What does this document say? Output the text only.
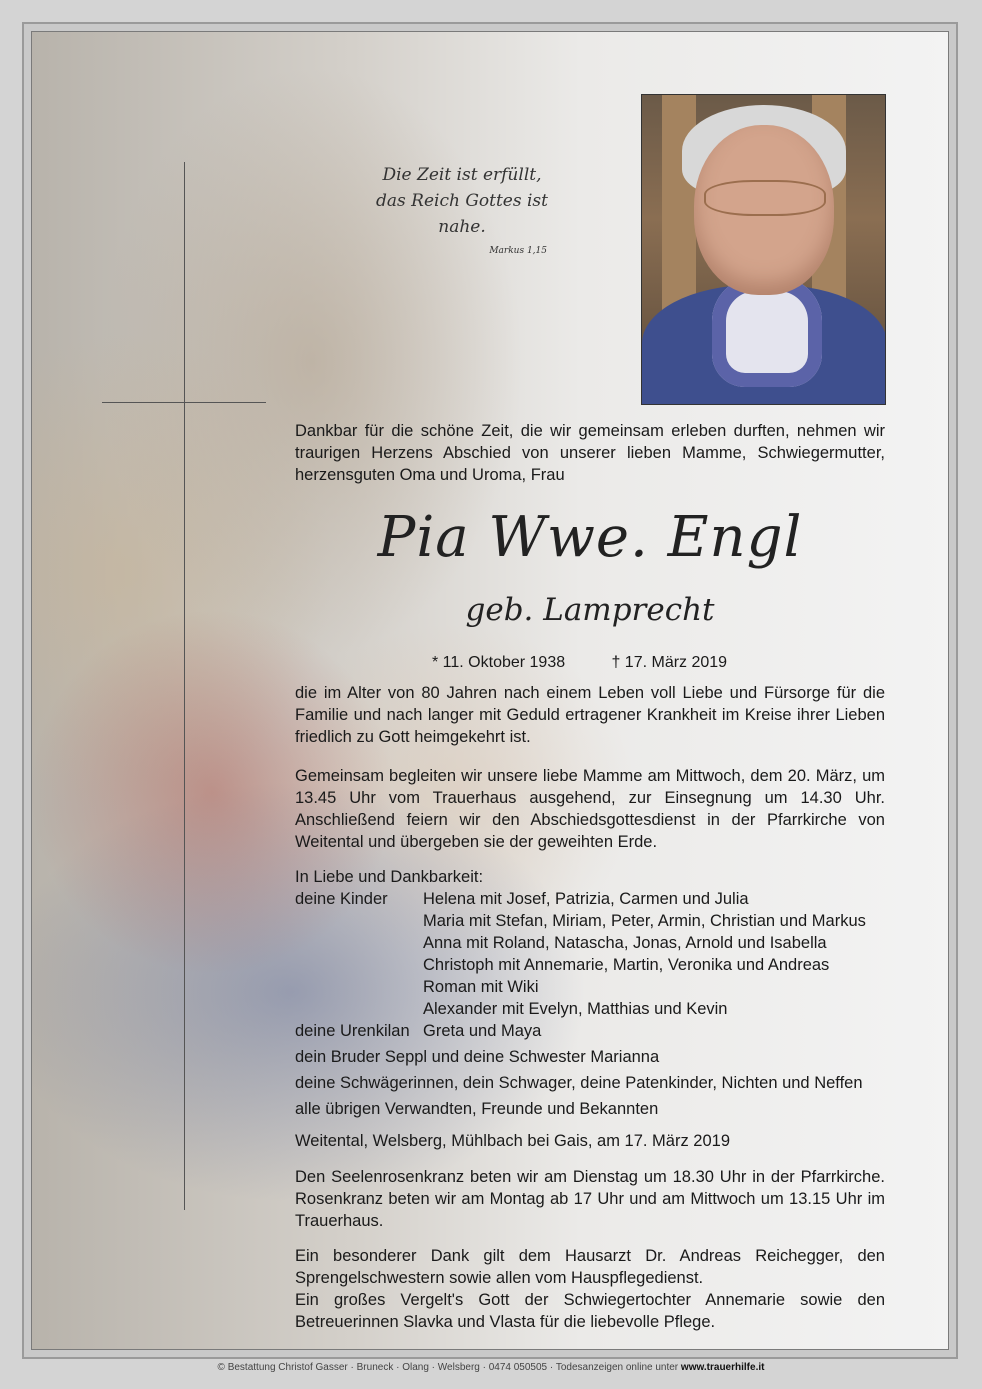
Die Zeit ist erfüllt,
das Reich Gottes ist nahe.
Markus 1,15
Dankbar für die schöne Zeit, die wir gemeinsam erleben durften, nehmen wir traurigen Herzens Abschied von unserer lieben Mamme, Schwiegermutter, herzensguten Oma und Uroma, Frau
Pia Wwe. Engl
geb. Lamprecht
* 11. Oktober 1938	† 17. März 2019
die im Alter von 80 Jahren nach einem Leben voll Liebe und Fürsorge für die Familie und nach langer mit Geduld ertragener Krankheit im Kreise ihrer Lieben friedlich zu Gott heimgekehrt ist.
Gemeinsam begleiten wir unsere liebe Mamme am Mittwoch, dem 20. März, um 13.45 Uhr vom Trauerhaus ausgehend, zur Einsegnung um 14.30 Uhr. Anschließend feiern wir den Abschiedsgottesdienst in der Pfarrkirche von Weitental und übergeben sie der geweihten Erde.
In Liebe und Dankbarkeit:
deine Kinder	Helena mit Josef, Patrizia, Carmen und Julia
Maria mit Stefan, Miriam, Peter, Armin, Christian und Markus
Anna mit Roland, Natascha, Jonas, Arnold und Isabella
Christoph mit Annemarie, Martin, Veronika und Andreas
Roman mit Wiki
Alexander mit Evelyn, Matthias und Kevin
deine Urenkilan Greta und Maya
dein Bruder Seppl und deine Schwester Marianna
deine Schwägerinnen, dein Schwager, deine Patenkinder, Nichten und Neffen
alle übrigen Verwandten, Freunde und Bekannten
Weitental, Welsberg, Mühlbach bei Gais, am 17. März 2019
Den Seelenrosenkranz beten wir am Dienstag um 18.30 Uhr in der Pfarrkirche. Rosenkranz beten wir am Montag ab 17 Uhr und am Mittwoch um 13.15 Uhr im Trauerhaus.
Ein besonderer Dank gilt dem Hausarzt Dr. Andreas Reichegger, den Sprengelschwestern sowie allen vom Hauspflegedienst.
Ein großes Vergelt's Gott der Schwiegertochter Annemarie sowie den Betreuerinnen Slavka und Vlasta für die liebevolle Pflege.
© Bestattung Christof Gasser · Bruneck · Olang · Welsberg · 0474 050505 · Todesanzeigen online unter www.trauerhilfe.it
